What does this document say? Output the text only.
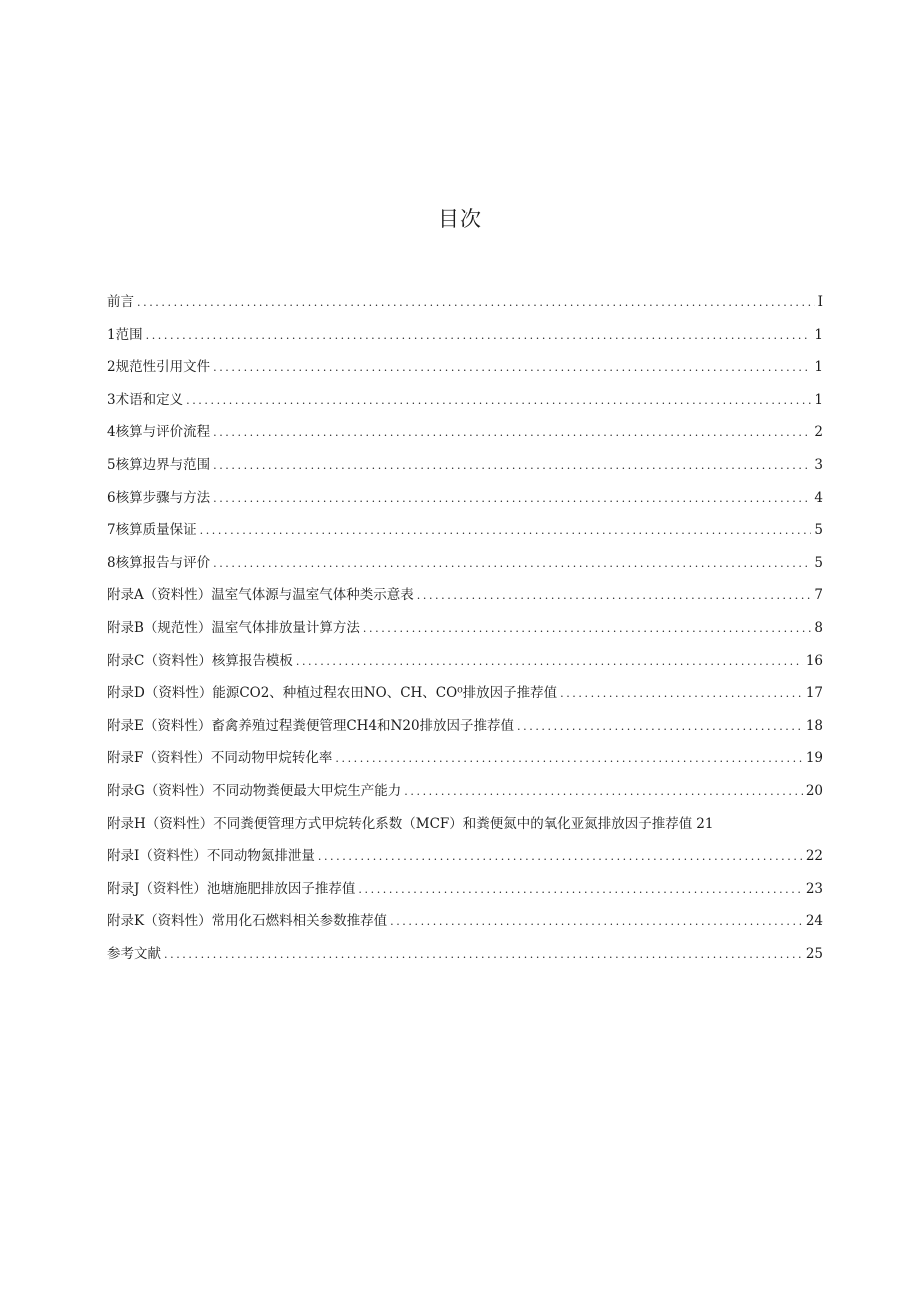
目次
前言 .....	I
1范围 .....	1
2规范性引用文件 .....	1
3术语和定义 .....	1
4核算与评价流程 .....	2
5核算边界与范围 .....	3
6核算步骤与方法 .....	4
7核算质量保证 .....	5
8核算报告与评价 .....	5
附录A（资料性）温室气体源与温室气体种类示意表 .....	7
附录B（规范性）温室气体排放量计算方法 .....	8
附录C（资料性）核算报告模板 .....	16
附录D（资料性）能源CO2、种植过程农田NO、CH、CO⁰排放因子推荐值 .....	17
附录E（资料性）畜禽养殖过程粪便管理CH4和N20排放因子推荐值 .....	18
附录F（资料性）不同动物甲烷转化率 .....	19
附录G（资料性）不同动物粪便最大甲烷生产能力 .....	20
附录H（资料性）不同粪便管理方式甲烷转化系数（MCF）和粪便氮中的氧化亚氮排放因子推荐值 21
附录I（资料性）不同动物氮排泄量 .....	22
附录J（资料性）池塘施肥排放因子推荐值 .....	23
附录K（资料性）常用化石燃料相关参数推荐值 .....	24
参考文献 .....	25
